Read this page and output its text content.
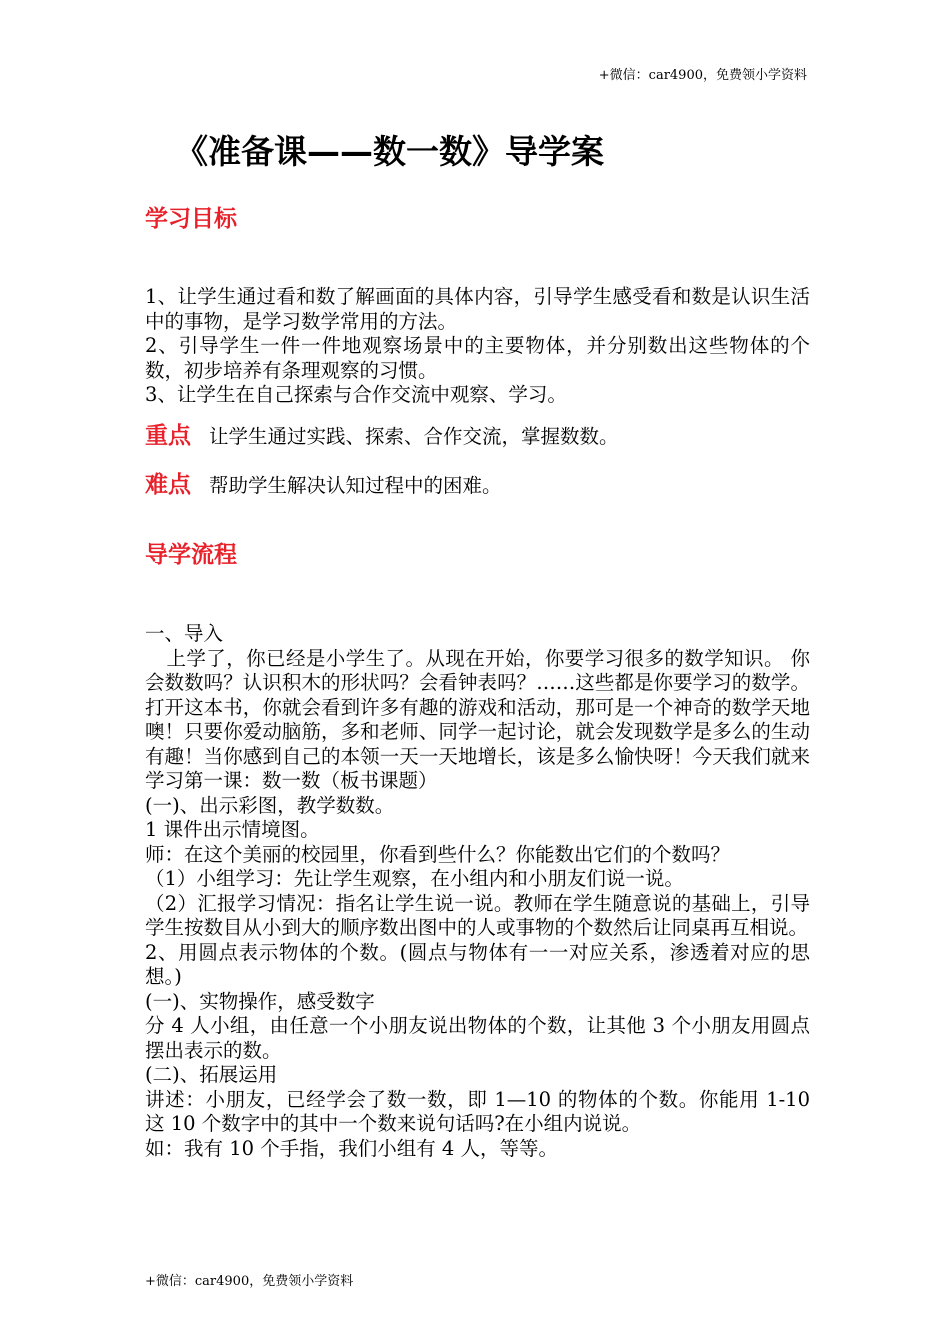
+微信：car4900，免费领小学资料
《准备课——数一数》导学案
学习目标

1、让学生通过看和数了解画面的具体内容，引导学生感受看和数是认识生活中的事物，是学习数学常用的方法。

2、引导学生一件一件地观察场景中的主要物体，并分别数出这些物体的个数，初步培养有条理观察的习惯。

3、让学生在自己探索与合作交流中观察、学习。

重点 让学生通过实践、探索、合作交流，掌握数数。
难点 帮助学生解决认知过程中的困难。
导学流程

一、导入

上学了，你已经是小学生了。从现在开始，你要学习很多的数学知识。 你会数数吗？认识积木的形状吗？会看钟表吗？……这些都是你要学习的数学。打开这本书，你就会看到许多有趣的游戏和活动，那可是一个神奇的数学天地噢！只要你爱动脑筋，多和老师、同学一起讨论，就会发现数学是多么的生动有趣！当你感到自己的本领一天一天地增长，该是多么愉快呀！今天我们就来学习第一课：数一数（板书课题）

(一)、出示彩图，教学数数。

1 课件出示情境图。

师：在这个美丽的校园里，你看到些什么？你能数出它们的个数吗？

（1）小组学习：先让学生观察，在小组内和小朋友们说一说。

（2）汇报学习情况：指名让学生说一说。教师在学生随意说的基础上，引导学生按数目从小到大的顺序数出图中的人或事物的个数然后让同桌再互相说。

2、用圆点表示物体的个数。(圆点与物体有一一对应关系，渗透着对应的思想。)

(一)、实物操作，感受数字

分 4 人小组，由任意一个小朋友说出物体的个数，让其他 3 个小朋友用圆点摆出表示的数。

(二)、拓展运用

讲述：小朋友，已经学会了数一数，即 1—10 的物体的个数。你能用 1-10 这 10 个数字中的其中一个数来说句话吗?在小组内说说。

如：我有 10 个手指，我们小组有 4 人，等等。

+微信：car4900，免费领小学资料
